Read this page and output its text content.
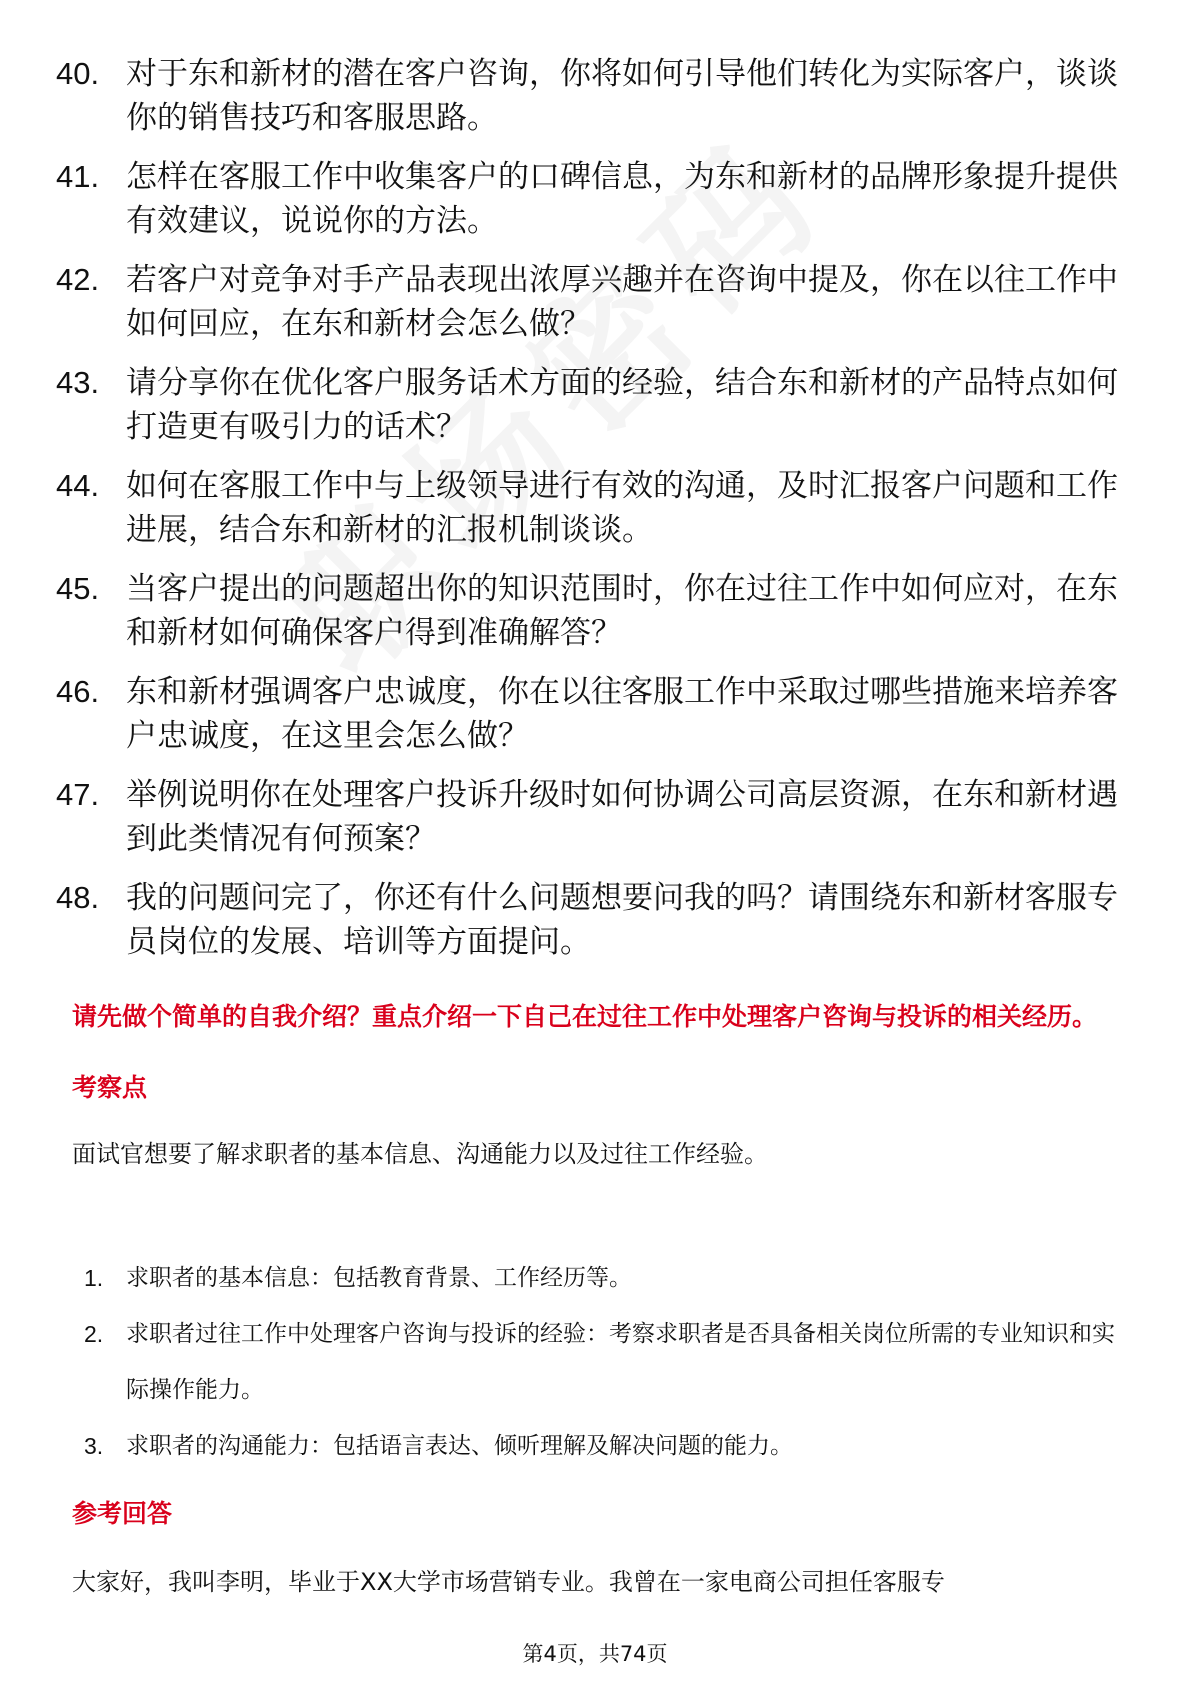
40. 对于东和新材的潜在客户咨询，你将如何引导他们转化为实际客户，谈谈你的销售技巧和客服思路。
41. 怎样在客服工作中收集客户的口碑信息，为东和新材的品牌形象提升提供有效建议，说说你的方法。
42. 若客户对竞争对手产品表现出浓厚兴趣并在咨询中提及，你在以往工作中如何回应，在东和新材会怎么做？
43. 请分享你在优化客户服务话术方面的经验，结合东和新材的产品特点如何打造更有吸引力的话术？
44. 如何在客服工作中与上级领导进行有效的沟通，及时汇报客户问题和工作进展，结合东和新材的汇报机制谈谈。
45. 当客户提出的问题超出你的知识范围时，你在过往工作中如何应对，在东和新材如何确保客户得到准确解答？
46. 东和新材强调客户忠诚度，你在以往客服工作中采取过哪些措施来培养客户忠诚度，在这里会怎么做？
47. 举例说明你在处理客户投诉升级时如何协调公司高层资源，在东和新材遇到此类情况有何预案？
48. 我的问题问完了，你还有什么问题想要问我的吗？请围绕东和新材客服专员岗位的发展、培训等方面提问。
请先做个简单的自我介绍？重点介绍一下自己在过往工作中处理客户咨询与投诉的相关经历。
考察点
面试官想要了解求职者的基本信息、沟通能力以及过往工作经验。
1. 求职者的基本信息：包括教育背景、工作经历等。
2. 求职者过往工作中处理客户咨询与投诉的经验：考察求职者是否具备相关岗位所需的专业知识和实际操作能力。
3. 求职者的沟通能力：包括语言表达、倾听理解及解决问题的能力。
参考回答
大家好，我叫李明，毕业于XX大学市场营销专业。我曾在一家电商公司担任客服专
第4页，共74页
